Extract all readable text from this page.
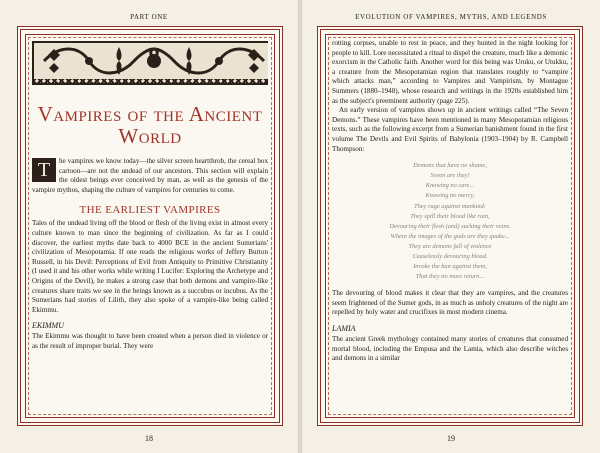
PART ONE
Vampires of the Ancient World
T	he vampires we know today—the silver screen heartthrob, the cereal box cartoon—are not the undead of our ancestors. This section will explain the oldest beings ever conceived by man, as well as the genesis of the vampire mythos, shaping the culture of vampires for centuries to come.

THE EARLIEST VAMPIRES

Tales of the undead living off the blood or flesh of the living exist in almost every culture known to man since the beginning of civilization. As far as I could discover, the earliest myths date back to 4000 BCE in the ancient Sumerians' civilization of Mesopotamia. If one reads the religious works of Jeffery Burton Russell, in his Devil: Perceptions of Evil from Antiquity to Primitive Christianity (I used it and his other works while writing I Lucifer: Exploring the Archetype and Origins of the Devil), he makes a strong case that both demons and vampire-like creatures share traits we see in the beings known as a succubus or incubus. As the Sumerians had stories of Lilith, they also spoke of a vampire-like being called Ekimmu.

EKIMMU

The Ekimmu was thought to have been created when a person died in violence or as the result of improper burial. They were

18
EVOLUTION OF VAMPIRES, MYTHS, AND LEGENDS

rotting corpses, unable to rest in peace, and they hunted in the night looking for people to kill. Lore necessitated a ritual to dispel the creature, much like a demonic exorcism in the Catholic faith. Another word for this being was Uruku, or Utukku, a creature from the Mesopotamian region that translates roughly to “vampire which attacks man,” according to Vampires and Vampirism, by Montague Summers (1880–1948), whose research and writings in the 1920s established him as the subject's preeminent authority (page 225).

An early version of vampires shows up in ancient writings called “The Seven Demons.” These vampires have been mentioned in many Mesopotamian religious texts, such as the following excerpt from a Sumerian banishment found in the first volume The Devils and Evil Spirits of Babylonia (1903–1904) by R. Campbell Thompson:

Demons that have no shame,
Seven are they!
Knowing no care...
Knowing no mercy,
They rage against mankind:
They spill their blood like rain,
Devouring their flesh (and) sucking their veins.
Where the images of the gods are they quake...
They are demons full of violence
Ceaselessly devouring blood.
Invoke the ban against them,
That they no more return...

The devouring of blood makes it clear that they are vampires, and the creatures seem frightened of the Sumer gods, in as much as unholy creatures of the night are repelled by holy water and crucifixes in most modern cinema.

LAMIA

The ancient Greek mythology contained many stories of creatures that consumed mortal blood, including the Empusa and the Lamia, which also describe witches and demons in a similar

19
